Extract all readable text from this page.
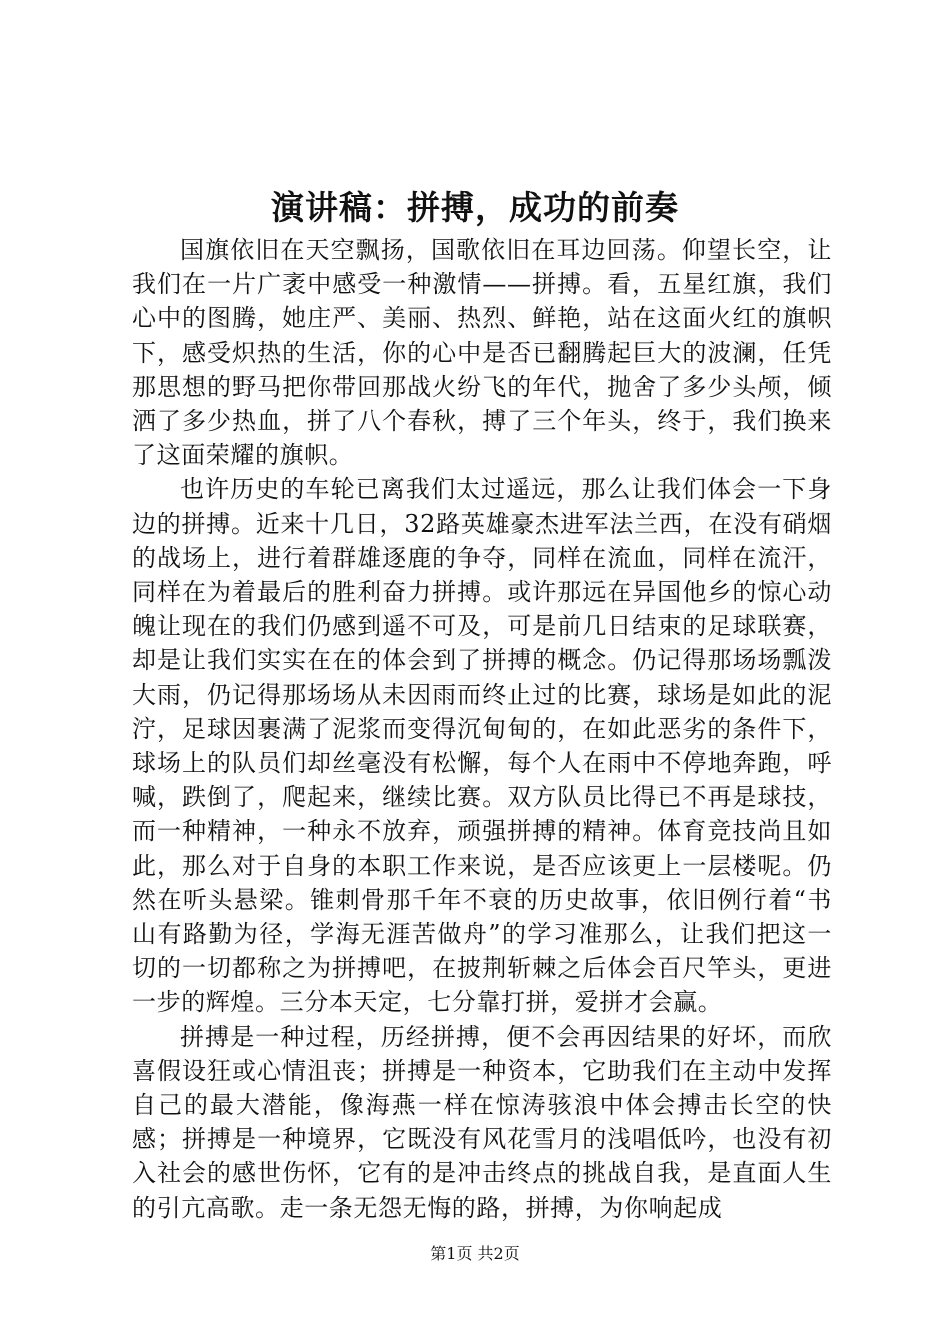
演讲稿：拼搏，成功的前奏

国旗依旧在天空飘扬，国歌依旧在耳边回荡。仰望长空，让我们在一片广袤中感受一种激情——拼搏。看，五星红旗，我们心中的图腾，她庄严、美丽、热烈、鲜艳，站在这面火红的旗帜下，感受炽热的生活，你的心中是否已翻腾起巨大的波澜，任凭那思想的野马把你带回那战火纷飞的年代，抛舍了多少头颅，倾洒了多少热血，拼了八个春秋，搏了三个年头，终于，我们换来了这面荣耀的旗帜。

也许历史的车轮已离我们太过遥远，那么让我们体会一下身边的拼搏。近来十几日，32路英雄豪杰进军法兰西，在没有硝烟的战场上，进行着群雄逐鹿的争夺，同样在流血，同样在流汗，同样在为着最后的胜利奋力拼搏。或许那远在异国他乡的惊心动魄让现在的我们仍感到遥不可及，可是前几日结束的足球联赛，却是让我们实实在在的体会到了拼搏的概念。仍记得那场场瓢泼大雨，仍记得那场场从未因雨而终止过的比赛，球场是如此的泥泞，足球因裹满了泥浆而变得沉甸甸的，在如此恶劣的条件下，球场上的队员们却丝毫没有松懈，每个人在雨中不停地奔跑，呼喊，跌倒了，爬起来，继续比赛。双方队员比得已不再是球技，而一种精神，一种永不放弃，顽强拼搏的精神。体育竞技尚且如此，那么对于自身的本职工作来说，是否应该更上一层楼呢。仍然在听头悬梁。锥刺骨那千年不衰的历史故事，依旧例行着“书山有路勤为径，学海无涯苦做舟”的学习准那么，让我们把这一切的一切都称之为拼搏吧，在披荆斩棘之后体会百尺竿头，更进一步的辉煌。三分本天定，七分靠打拼，爱拼才会赢。

拼搏是一种过程，历经拼搏，便不会再因结果的好坏，而欣喜假设狂或心情沮丧；拼搏是一种资本，它助我们在主动中发挥自己的最大潜能，像海燕一样在惊涛骇浪中体会搏击长空的快感；拼搏是一种境界，它既没有风花雪月的浅唱低吟，也没有初入社会的感世伤怀，它有的是冲击终点的挑战自我，是直面人生的引亢高歌。走一条无怨无悔的路，拼搏，为你响起成

第1页 共2页
